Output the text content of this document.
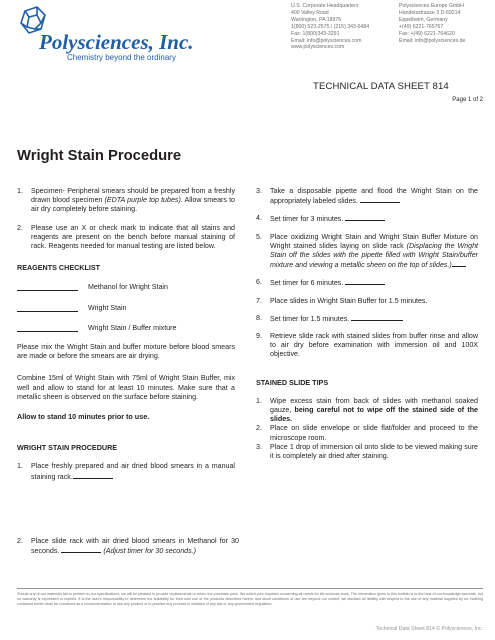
Polysciences, Inc.
Chemistry beyond the ordinary
U.S. Corporate Headquarters
400 Valley Road
Warrington, PA 18976
1(800) 523-2575 / (215) 343-6484
Fax: 1(800)343-3291
Email: info@polysciences.com
www.polysciences.com
Polysciences Europe GmbH
Handelsstrasse 3 D-69214
Eppelheim, Germany
+(49) 6221-765767
Fax: +(49) 6221-764620
Email: info@polysciences.de
TECHNICAL DATA SHEET 814
Page 1 of 2
Wright Stain Procedure
1.	Specimen- Peripheral smears should be prepared from a freshly drawn blood specimen (EDTA purple top tubes). Allow smears to air dry completely before staining.
2.	Please use an X or check mark to indicate that all stains and reagents are present on the bench before manual staining of rack. Reagents needed for manual testing are listed below.
REAGENTS CHECKLIST
Methanol for Wright Stain
Wright Stain
Wright Stain / Buffer mixture

Please mix the Wright Stain and buffer mixture before blood smears are made or before the smears are air drying.

Combine 15ml of Wright Stain with 75ml of Wright Stain Buffer, mix well and allow to stand for at least 10 minutes. Make sure that a metallic sheen is observed on the surface before staining.

Allow to stand 10 minutes prior to use.

WRIGHT STAIN PROCEDURE
1.	Place freshly prepared and air dried blood smears in a manual staining rack.
2.	Place slide rack with air dried blood smears in Methanol for 30 seconds.	(Adjust timer for 30 seconds.)
3.	Take a disposable pipette and flood the Wright Stain on the appropriately labeled slides.
4.	Set timer for 3 minutes.
5.	Place oxidizing Wright Stain and Wright Stain Buffer Mixture on Wright stained slides laying on slide rack (Displacing the Wright Stain off the slides with the pipette filled with Wright Stain/buffer mixture and viewing a metallic sheen on the top of slides.)
6.	Set timer for 6 minutes.
7.	Place slides in Wright Stain Buffer for 1.5 minutes.
8.	Set timer for 1.5 minutes.
9.	Retrieve slide rack with stained slides from buffer rinse and allow to air dry before examination with immersion oil and 100X objective.
STAINED SLIDE TIPS
1.	Wipe excess stain from back of slides with methanol soaked gauze, being careful not to wipe off the stained side of the slides.
2.	Place on slide envelope or slide flat/folder and proceed to the microscope room.
3.	Place 1 drop of immersion oil onto slide to be viewed making sure it is completely air dried after staining.
Should any of our materials fail to perform to our specifications, we will be pleased to provide replacements or return the purchase price. We solicit your inquiries concerning all needs for life sciences work. The information given in this bulletin is to the best of our knowledge accurate, but no warranty is expressed or implied. It is the user's responsibility to determine the suitability for their own use of the products described herein, and since conditions of use are beyond our control, we disclaim all liability with respect to the use of any material supplied by us. Nothing contained herein shall be construed as a recommendation to use any product or to practice any process in violation of any law or any government regulation.
Technical Data Sheet 814 © Polysciences, Inc.
